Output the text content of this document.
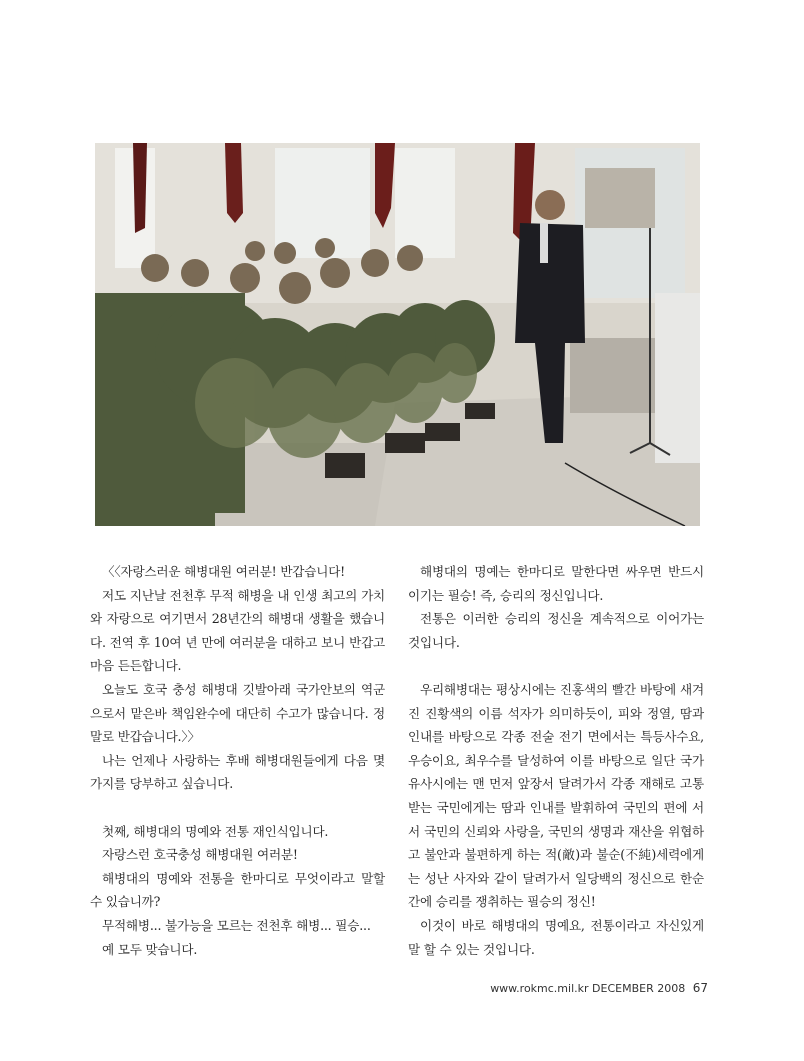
〈〈자랑스러운 해병대원 여러분! 반갑습니다!

저도 지난날 전천후 무적 해병을 내 인생 최고의 가치와 자랑으로 여기면서 28년간의 해병대 생활을 했습니다. 전역 후 10여 년 만에 여러분을 대하고 보니 반갑고 마음 든든합니다.

오늘도 호국 충성 해병대 깃발아래 국가안보의 역군으로서 맡은바 책임완수에 대단히 수고가 많습니다. 정말로 반갑습니다.〉〉

나는 언제나 사랑하는 후배 해병대원들에게 다음 몇 가지를 당부하고 싶습니다.

첫째, 해병대의 명예와 전통 재인식입니다.

자랑스런 호국충성 해병대원 여러분!

해병대의 명예와 전통을 한마디로 무엇이라고 말할 수 있습니까?

무적해병... 불가능을 모르는 전천후 해병... 필승...

예 모두 맞습니다.

해병대의 명예는 한마디로 말한다면 싸우면 반드시 이기는 필승! 즉, 승리의 정신입니다.

전통은 이러한 승리의 정신을 계속적으로 이어가는 것입니다.

우리해병대는 평상시에는 진홍색의 빨간 바탕에 새겨진 진황색의 이름 석자가 의미하듯이, 피와 정열, 땀과 인내를 바탕으로 각종 전술 전기 면에서는 특등사수요, 우승이요, 최우수를 달성하여 이를 바탕으로 일단 국가 유사시에는 맨 먼저 앞장서 달려가서 각종 재해로 고통 받는 국민에게는 땀과 인내를 발휘하여 국민의 편에 서서 국민의 신뢰와 사랑을, 국민의 생명과 재산을 위협하고 불안과 불편하게 하는 적(敵)과 불순(不純)세력에게는 성난 사자와 같이 달려가서 일당백의 정신으로 한순간에 승리를 쟁취하는 필승의 정신!

이것이 바로 해병대의 명예요, 전통이라고 자신있게 말 할 수 있는 것입니다.

www.rokmc.mil.kr DECEMBER 2008 67
